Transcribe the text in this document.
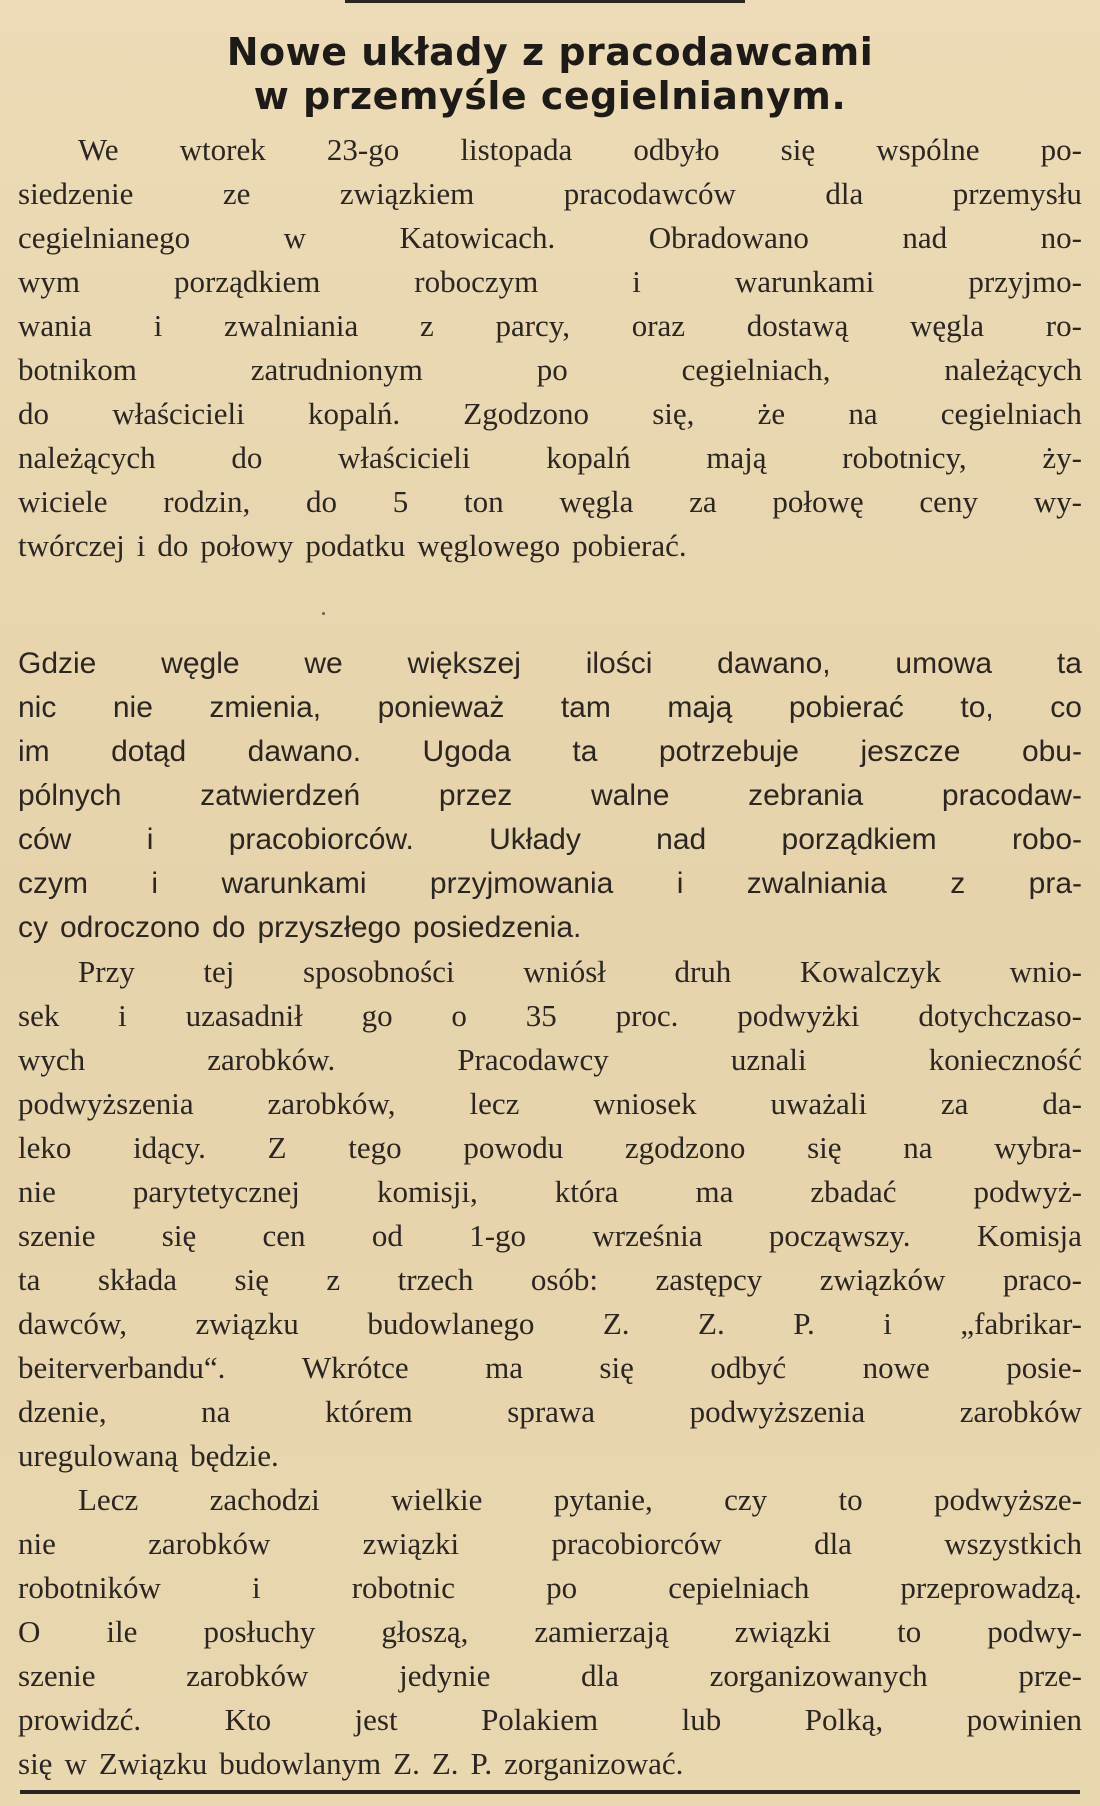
Nowe układy z pracodawcami
w przemyśle cegielnianym.
We wtorek 23-go listopada odbyło się wspólne po-
siedzenie	ze	związkiem	pracodawców	dla	przemysłu
cegielnianego	w	Katowicach.	Obradowano	nad	no-
wym	porządkiem	roboczym	i	warunkami	przyjmo-
wania i zwalniania z parcy, oraz dostawą węgla ro-
botnikom	zatrudnionym	po	cegielniach,	należących
do właścicieli kopalń. Zgodzono się, że na cegielniach
należących do właścicieli kopalń mają robotnicy, ży-
wiciele rodzin, do 5 ton węgla za połowę ceny wy-
twórczej i do połowy podatku węglowego pobierać.
Gdzie węgle we większej ilości dawano, umowa ta
nic nie zmienia, ponieważ tam mają pobierać to, co
im dotąd dawano. Ugoda ta potrzebuje jeszcze obu-
pólnych	zatwierdzeń	przez	walne	zebrania	pracodaw-
ców	i	pracobiorców.	Układy	nad	porządkiem	robo-
czym i warunkami przyjmowania i zwalniania z pra-
cy odroczono do przyszłego posiedzenia.
Przy tej sposobności wniósł druh Kowalczyk wnio-
sek i uzasadnił go o 35 proc. podwyżki dotychczaso-
wych	zarobków.	Pracodawcy	uznali	konieczność
podwyższenia zarobków, lecz wniosek uważali za da-
leko idący. Z tego powodu zgodzono się na wybra-
nie parytetycznej komisji, która ma zbadać podwyż-
szenie się cen od 1-go września począwszy. Komisja
ta składa się z trzech osób: zastępcy związków praco-
dawców, związku budowlanego Z. Z. P. i „fabrikar-
beiterverbandu“. Wkrótce ma się odbyć nowe posie-
dzenie,	na	którem	sprawa	podwyższenia	zarobków
uregulowaną będzie.
Lecz zachodzi wielkie pytanie, czy to podwyższe-
nie	zarobków	związki	pracobiorców	dla	wszystkich
robotników	i	robotnic	po	cepielniach	przeprowadzą.
O ile posłuchy głoszą, zamierzają związki to podwy-
szenie	zarobków	jedynie	dla	zorganizowanych	prze-
prowidzć.	Kto	jest	Polakiem	lub	Polką,	powinien
się w Związku budowlanym Z. Z. P. zorganizować.
